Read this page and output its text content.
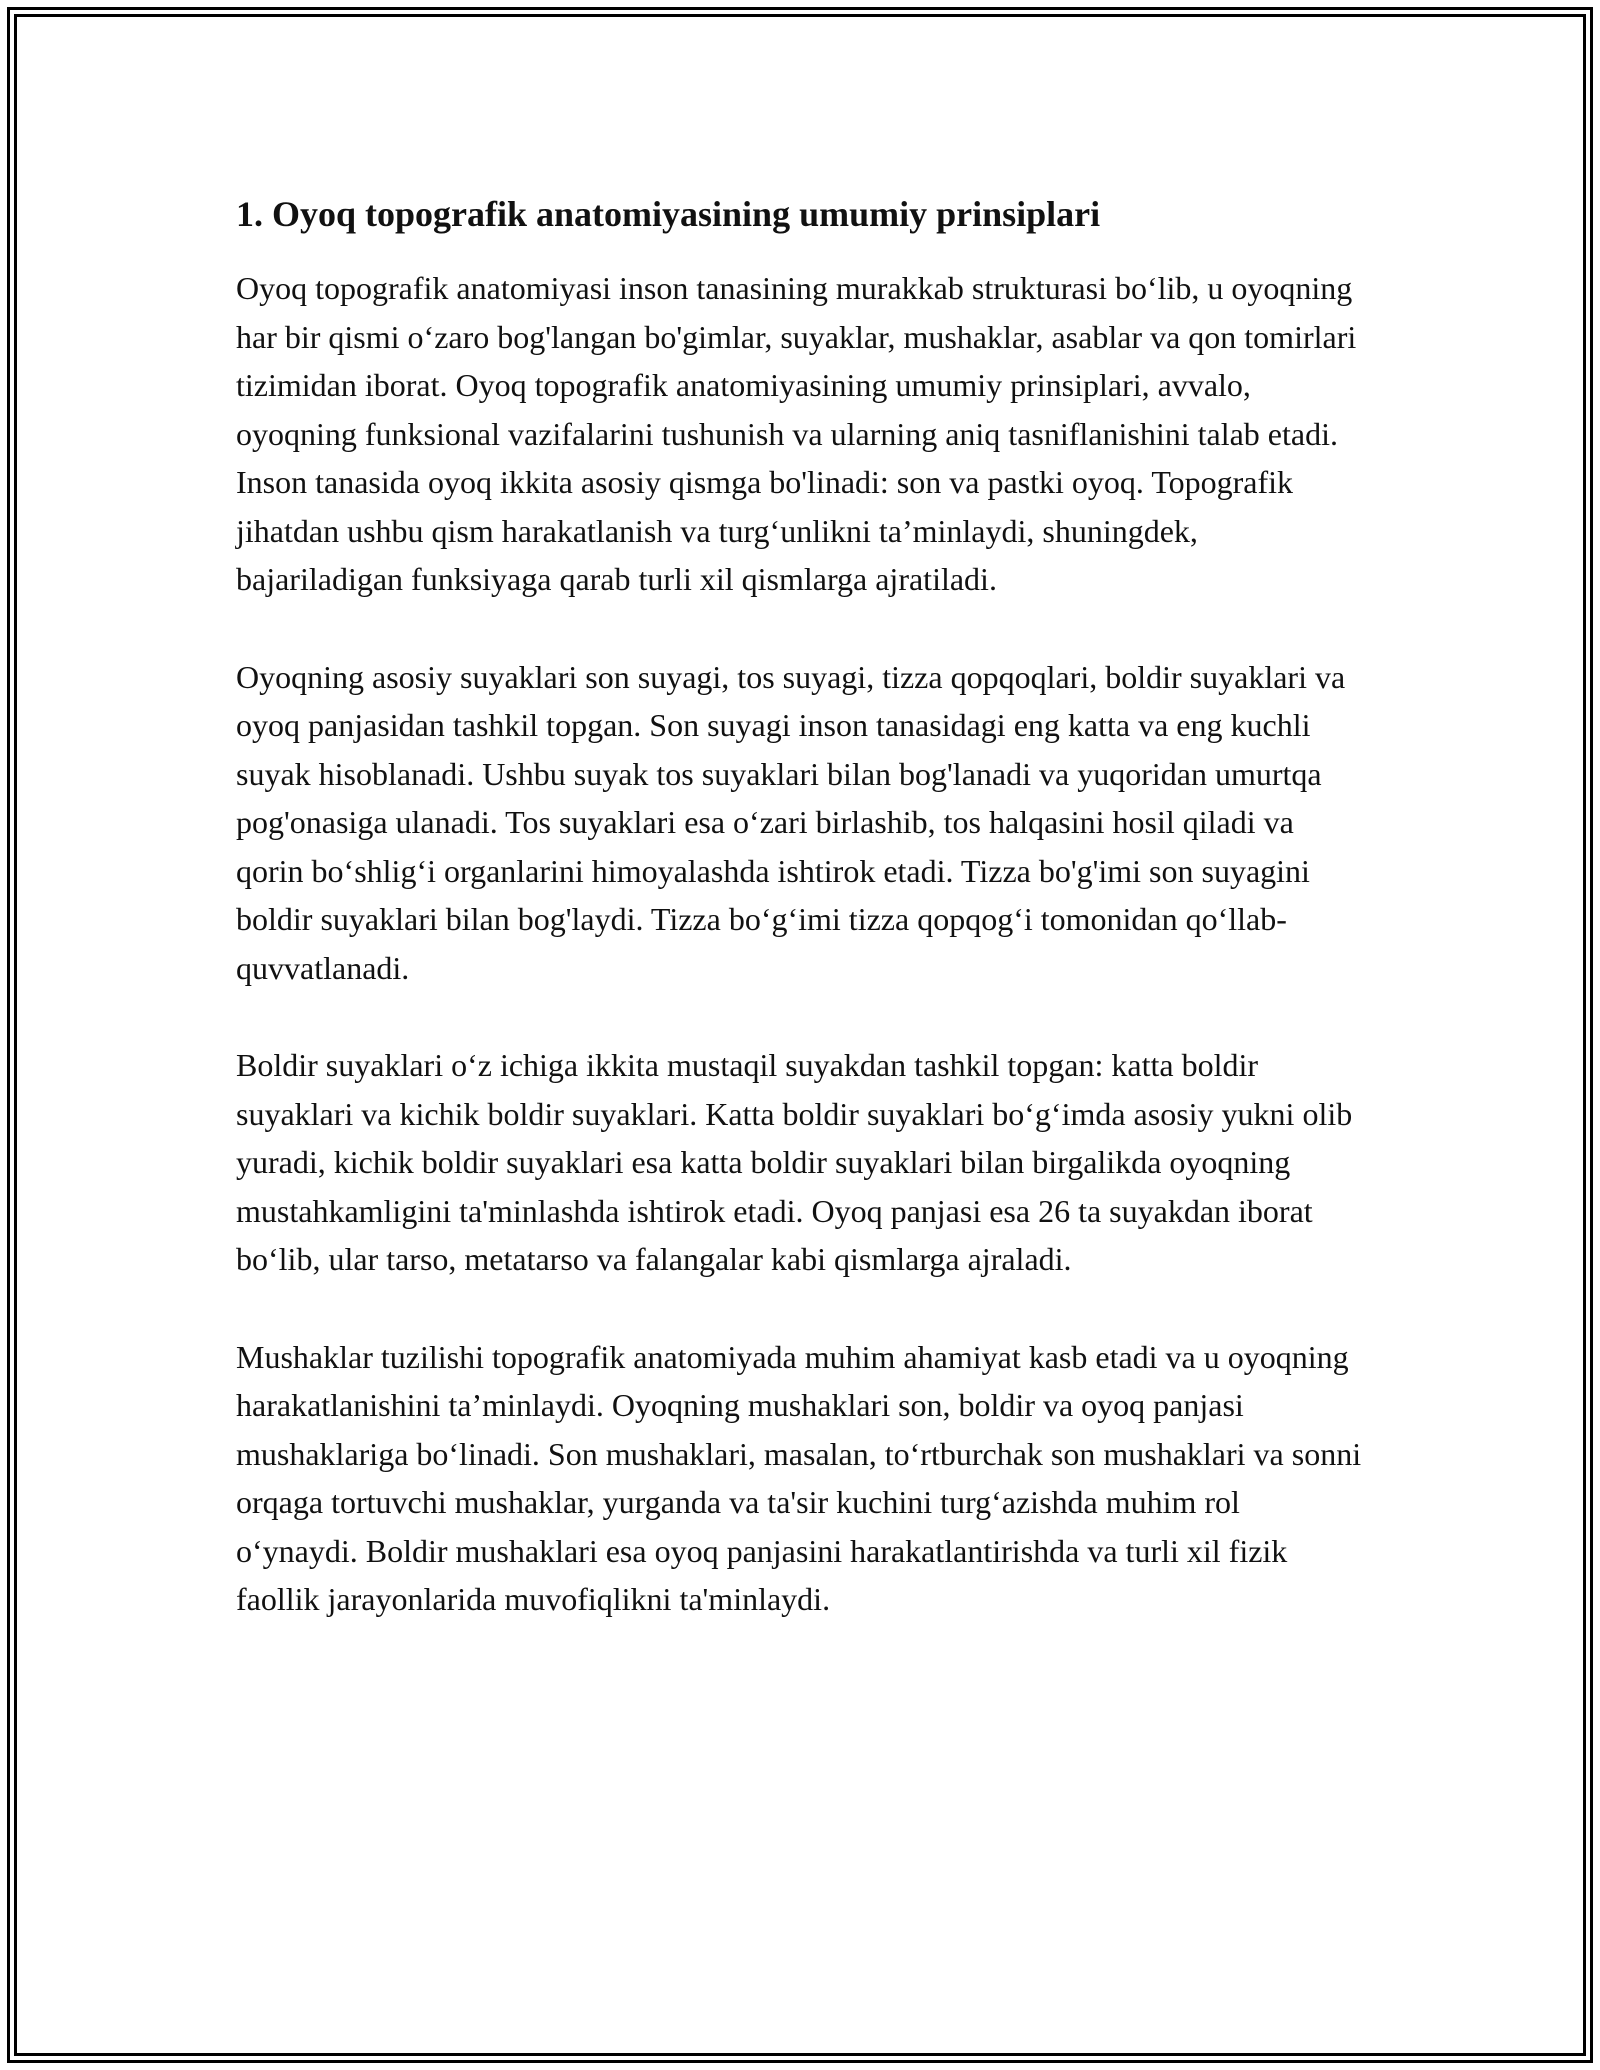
1. Oyoq topografik anatomiyasining umumiy prinsiplari

Oyoq topografik anatomiyasi inson tanasining murakkab strukturasi bo‘lib, u oyoqning har bir qismi o‘zaro bog'langan bo'gimlar, suyaklar, mushaklar, asablar va qon tomirlari tizimidan iborat. Oyoq topografik anatomiyasining umumiy prinsiplari, avvalo, oyoqning funksional vazifalarini tushunish va ularning aniq tasniflanishini talab etadi. Inson tanasida oyoq ikkita asosiy qismga bo'linadi: son va pastki oyoq. Topografik jihatdan ushbu qism harakatlanish va turg‘unlikni ta’minlaydi, shuningdek, bajariladigan funksiyaga qarab turli xil qismlarga ajratiladi.

Oyoqning asosiy suyaklari son suyagi, tos suyagi, tizza qopqoqlari, boldir suyaklari va oyoq panjasidan tashkil topgan. Son suyagi inson tanasidagi eng katta va eng kuchli suyak hisoblanadi. Ushbu suyak tos suyaklari bilan bog'lanadi va yuqoridan umurtqa pog'onasiga ulanadi. Tos suyaklari esa o‘zari birlashib, tos halqasini hosil qiladi va qorin bo‘shlig‘i organlarini himoyalashda ishtirok etadi. Tizza bo'g'imi son suyagini boldir suyaklari bilan bog'laydi. Tizza bo‘g‘imi tizza qopqog‘i tomonidan qo‘llab-quvvatlanadi.

Boldir suyaklari o‘z ichiga ikkita mustaqil suyakdan tashkil topgan: katta boldir suyaklari va kichik boldir suyaklari. Katta boldir suyaklari bo‘g‘imda asosiy yukni olib yuradi, kichik boldir suyaklari esa katta boldir suyaklari bilan birgalikda oyoqning mustahkamligini ta'minlashda ishtirok etadi. Oyoq panjasi esa 26 ta suyakdan iborat bo‘lib, ular tarso, metatarso va falangalar kabi qismlarga ajraladi.

Mushaklar tuzilishi topografik anatomiyada muhim ahamiyat kasb etadi va u oyoqning harakatlanishini ta’minlaydi. Oyoqning mushaklari son, boldir va oyoq panjasi mushaklariga bo‘linadi. Son mushaklari, masalan, to‘rtburchak son mushaklari va sonni orqaga tortuvchi mushaklar, yurganda va ta'sir kuchini turg‘azishda muhim rol o‘ynaydi. Boldir mushaklari esa oyoq panjasini harakatlantirishda va turli xil fizik faollik jarayonlarida muvofiqlikni ta'minlaydi.
